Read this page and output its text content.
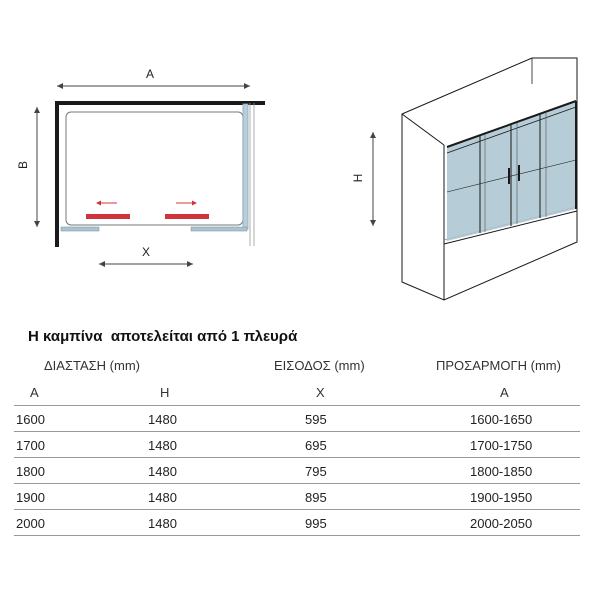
A
B
X
H
Η καμπίνα  αποτελείται από 1 πλευρά
ΔΙΑΣΤΑΣΗ (mm)	ΕΙΣΟΔΟΣ (mm)	ΠΡΟΣΑΡΜΟΓΗ (mm)
Α	Η	Χ	Α
1600	1480	595	1600-1650
1700	1480	695	1700-1750
1800	1480	795	1800-1850
1900	1480	895	1900-1950
2000	1480	995	2000-2050
